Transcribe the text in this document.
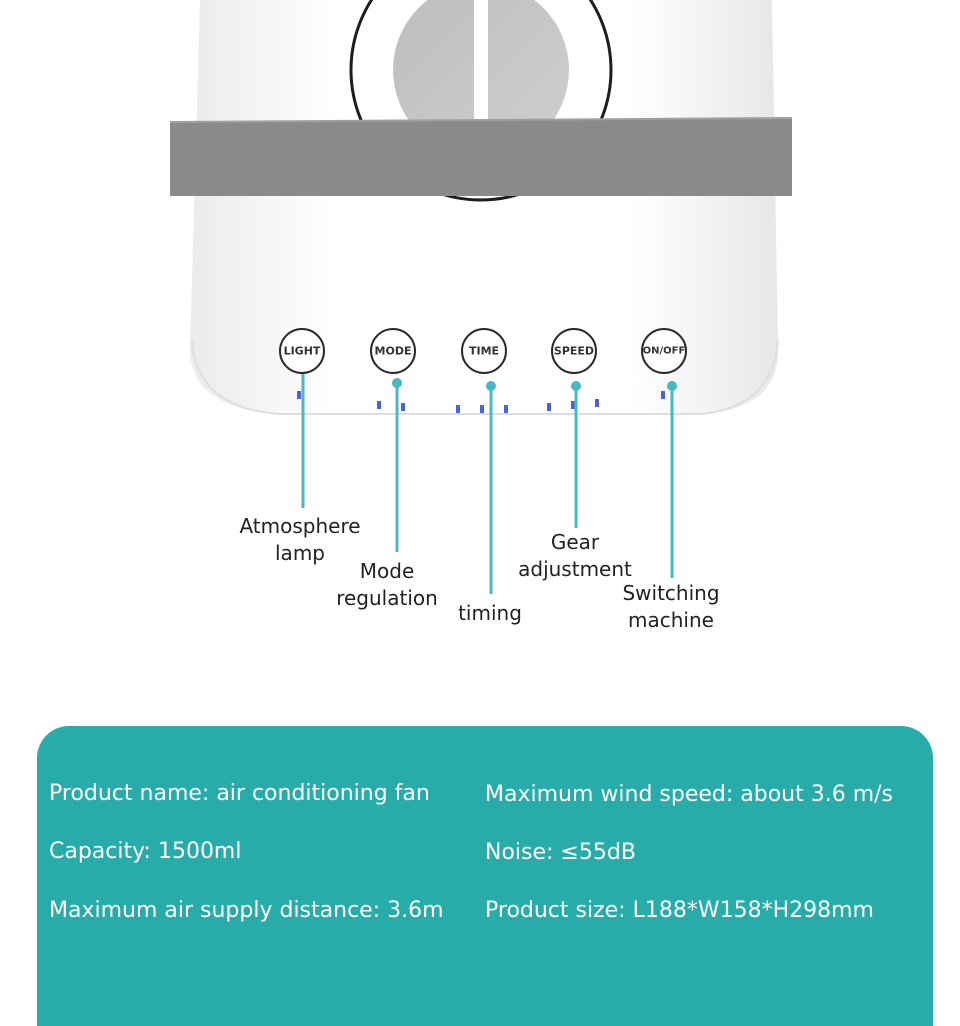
LIGHT	MODE	TIME	SPEED	ON/OFF
Atmosphere
lamp
Mode
regulation
timing
Gear
adjustment
Switching
machine
Product name: air conditioning fan
Capacity: 1500ml
Maximum air supply distance: 3.6m
Maximum wind speed: about 3.6 m/s
Noise: ≤55dB
Product size: L188*W158*H298mm
